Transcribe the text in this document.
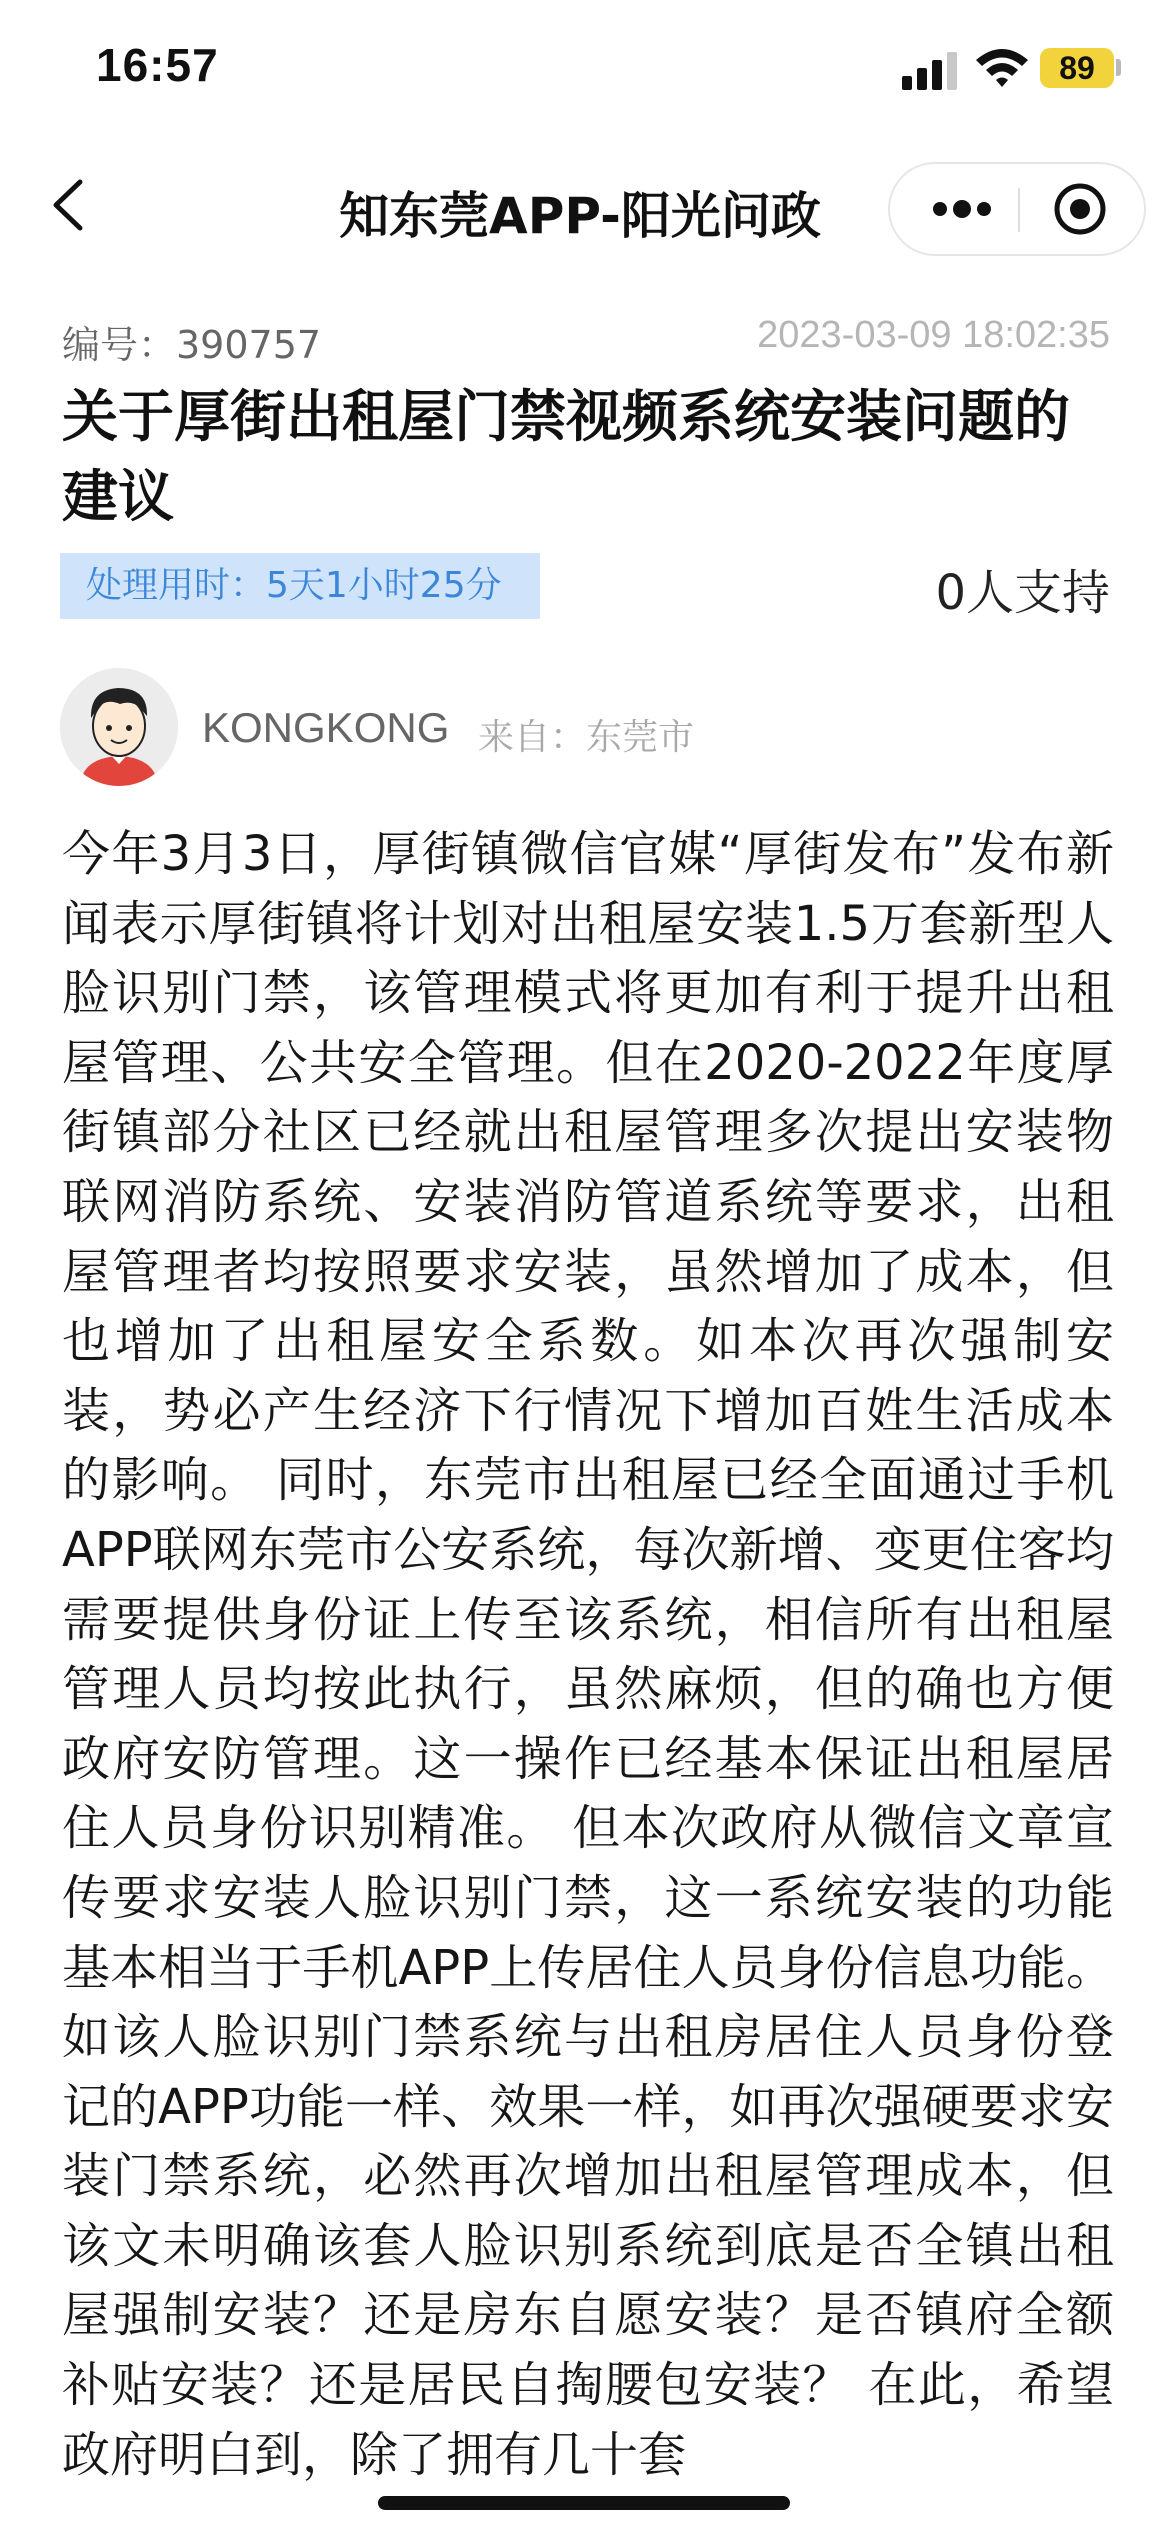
16:57	89
知东莞APP-阳光问政
编号：390757	2023-03-09 18:02:35
关于厚街出租屋门禁视频系统安装问题的建议
处理用时：5天1小时25分	0人支持
KONGKONG 来自：东莞市

今年3月3日，厚街镇微信官媒“厚街发布”发布新闻表示厚街镇将计划对出租屋安装1.5万套新型人脸识别门禁，该管理模式将更加有利于提升出租屋管理、公共安全管理。但在2020-2022年度厚街镇部分社区已经就出租屋管理多次提出安装物联网消防系统、安装消防管道系统等要求，出租屋管理者均按照要求安装，虽然增加了成本，但也增加了出租屋安全系数。如本次再次强制安装，势必产生经济下行情况下增加百姓生活成本的影响。 同时，东莞市出租屋已经全面通过手机APP联网东莞市公安系统，每次新增、变更住客均需要提供身份证上传至该系统，相信所有出租屋管理人员均按此执行，虽然麻烦，但的确也方便政府安防管理。这一操作已经基本保证出租屋居住人员身份识别精准。 但本次政府从微信文章宣传要求安装人脸识别门禁，这一系统安装的功能基本相当于手机APP上传居住人员身份信息功能。如该人脸识别门禁系统与出租房居住人员身份登记的APP功能一样、效果一样，如再次强硬要求安装门禁系统，必然再次增加出租屋管理成本，但该文未明确该套人脸识别系统到底是否全镇出租屋强制安装？还是房东自愿安装？是否镇府全额补贴安装？还是居民自掏腰包安装？ 在此，希望政府明白到，除了拥有几十套
